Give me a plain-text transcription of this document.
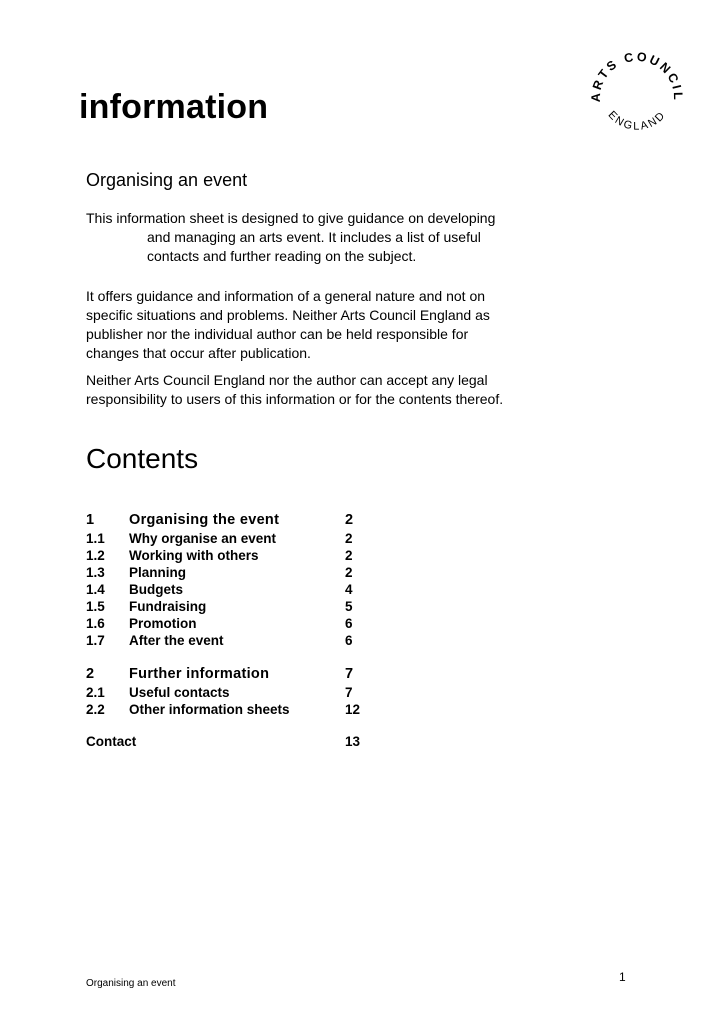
information	ARTS COUNCIL
ENGLAND
Organising an event
This information sheet is designed to give guidance on developing
and managing an arts event. It includes a list of useful
contacts and further reading on the subject.
It offers guidance and information of a general nature and not on
specific situations and problems. Neither Arts Council England as
publisher nor the individual author can be held responsible for
changes that occur after publication.
Neither Arts Council England nor the author can accept any legal
responsibility to users of this information or for the contents thereof.
Contents
1 Organising the event	2
1.1 Why organise an event	2
1.2 Working with others	2
1.3 Planning	2
1.4 Budgets	4
1.5 Fundraising	5
1.6 Promotion	6
1.7 After the event	6
2 Further information	7
2.1 Useful contacts	7
2.2 Other information sheets	12
Contact	13
Organising an event	1
